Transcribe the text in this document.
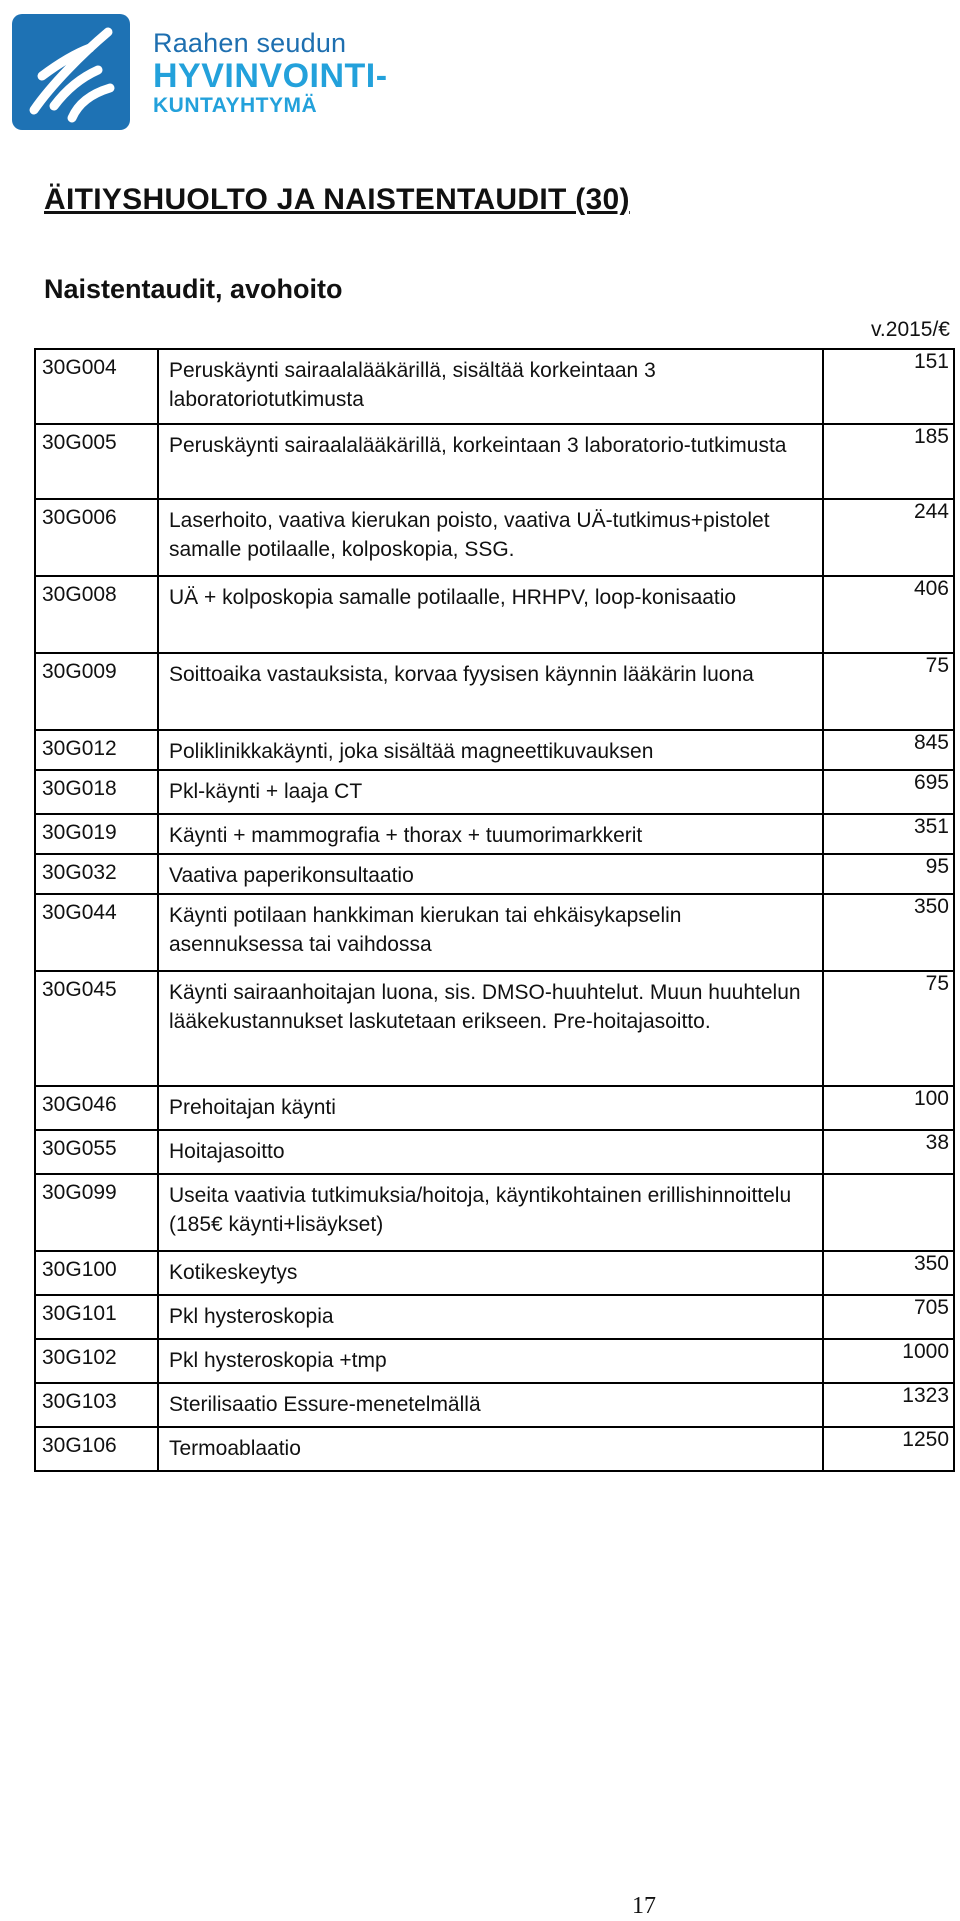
Raahen seudun
HYVINVOINTI-
KUNTAYHTYMÄ
ÄITIYSHUOLTO JA NAISTENTAUDIT (30)
Naistentaudit, avohoito
v.2015/€
30G004	Peruskäynti sairaalalääkärillä, sisältää korkeintaan 3 laboratoriotutkimusta	151
30G005	Peruskäynti sairaalalääkärillä, korkeintaan 3 laboratorio-tutkimusta	185
30G006	Laserhoito, vaativa kierukan poisto, vaativa UÄ-tutkimus+pistolet samalle potilaalle, kolposkopia, SSG.	244
30G008	UÄ + kolposkopia samalle potilaalle, HRHPV, loop-konisaatio	406
30G009	Soittoaika vastauksista, korvaa fyysisen käynnin lääkärin luona	75
30G012	Poliklinikkakäynti, joka sisältää magneettikuvauksen	845
30G018	Pkl-käynti + laaja CT	695
30G019	Käynti + mammografia + thorax + tuumorimarkkerit	351
30G032	Vaativa paperikonsultaatio	95
30G044	Käynti potilaan hankkiman kierukan tai ehkäisykapselin asennuksessa tai vaihdossa	350
30G045	Käynti sairaanhoitajan luona, sis. DMSO-huuhtelut. Muun huuhtelun lääkekustannukset laskutetaan erikseen. Pre-hoitajasoitto.	75
30G046	Prehoitajan käynti	100
30G055	Hoitajasoitto	38
30G099	Useita vaativia tutkimuksia/hoitoja, käyntikohtainen erillishinnoittelu (185€ käynti+lisäykset)	
30G100	Kotikeskeytys	350
30G101	Pkl hysteroskopia	705
30G102	Pkl hysteroskopia +tmp	1000
30G103	Sterilisaatio Essure-menetelmällä	1323
30G106	Termoablaatio	1250
17
